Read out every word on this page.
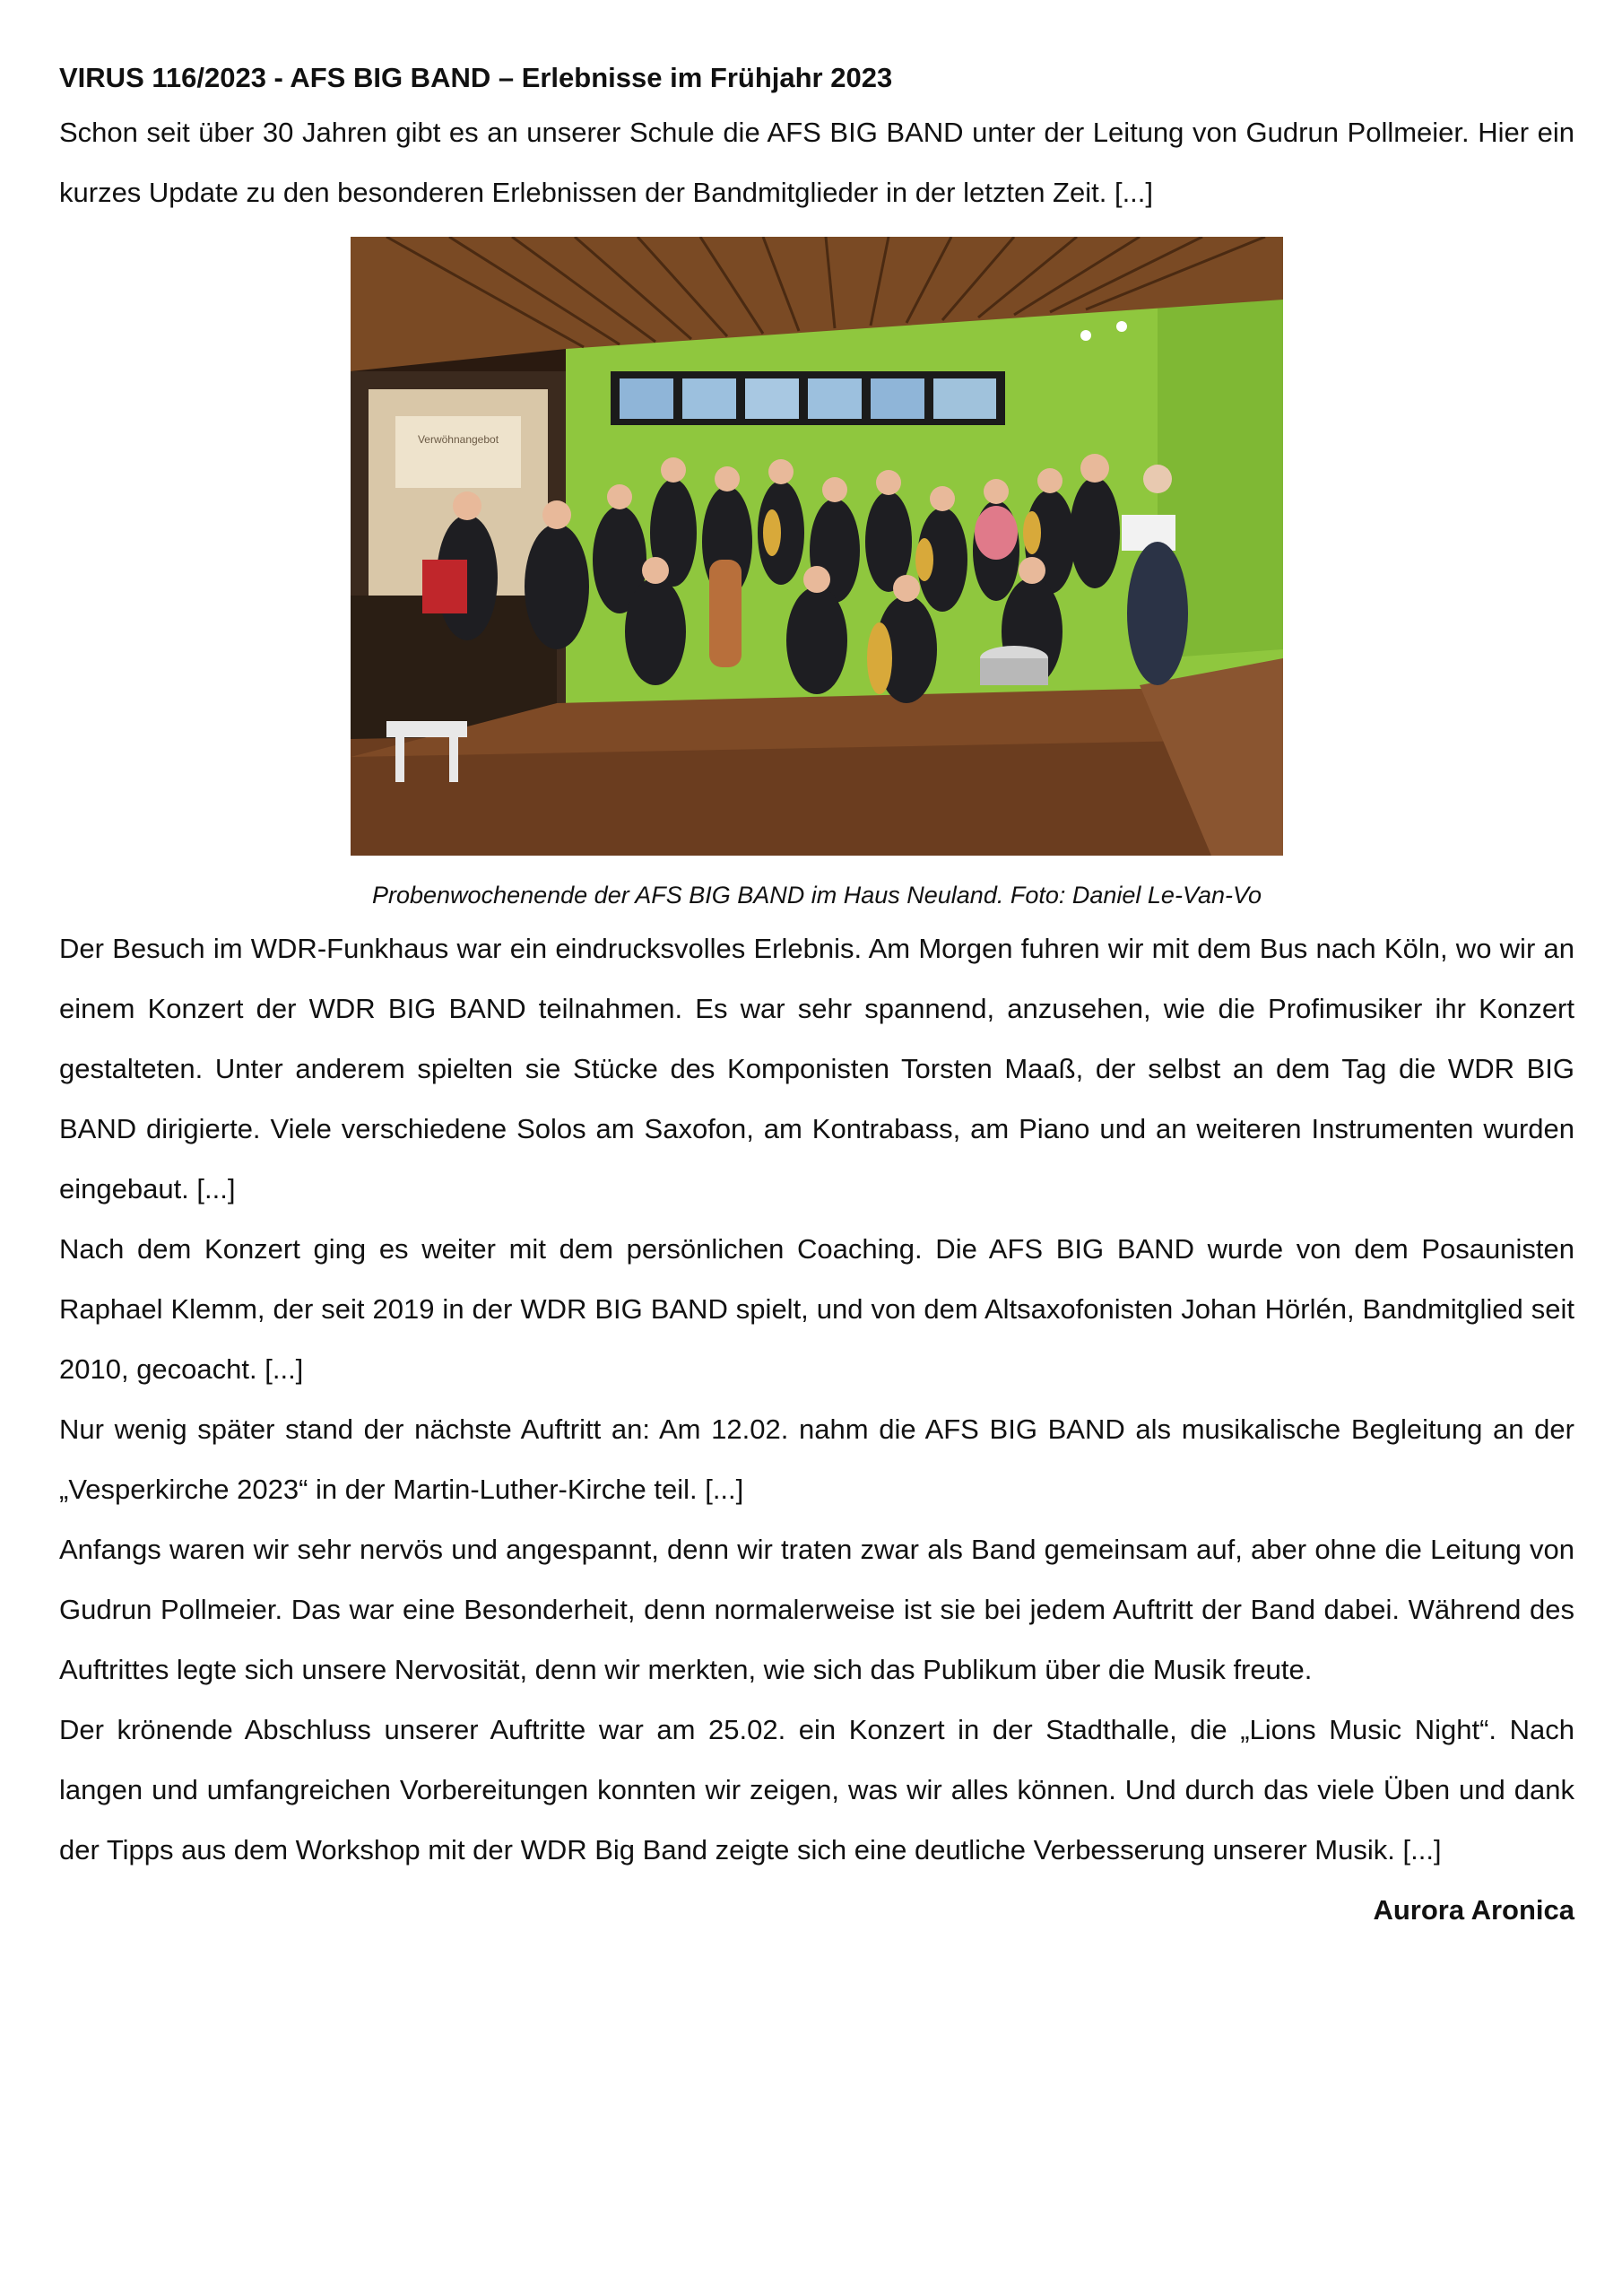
VIRUS 116/2023 - AFS BIG BAND – Erlebnisse im Frühjahr 2023

Schon seit über 30 Jahren gibt es an unserer Schule die AFS BIG BAND unter der Leitung von Gudrun Pollmeier. Hier ein kurzes Update zu den besonderen Erlebnissen der Bandmitglieder in der letzten Zeit. [...]

Verwöhnangebot
Probenwochenende der AFS BIG BAND im Haus Neuland. Foto: Daniel Le-Van-Vo

Der Besuch im WDR-Funkhaus war ein eindrucksvolles Erlebnis. Am Morgen fuhren wir mit dem Bus nach Köln, wo wir an einem Konzert der WDR BIG BAND teilnahmen. Es war sehr spannend, anzusehen, wie die Profimusiker ihr Konzert gestalteten. Unter anderem spielten sie Stücke des Komponisten Torsten Maaß, der selbst an dem Tag die WDR BIG BAND dirigierte. Viele verschiedene Solos am Saxofon, am Kontrabass, am Piano und an weiteren Instrumenten wurden eingebaut. [...]

Nach dem Konzert ging es weiter mit dem persönlichen Coaching. Die AFS BIG BAND wurde von dem Posaunisten Raphael Klemm, der seit 2019 in der WDR BIG BAND spielt, und von dem Altsaxofonisten Johan Hörlén, Bandmitglied seit 2010, gecoacht. [...]

Nur wenig später stand der nächste Auftritt an: Am 12.02. nahm die AFS BIG BAND als musikalische Begleitung an der „Vesperkirche 2023“ in der Martin-Luther-Kirche teil. [...]

Anfangs waren wir sehr nervös und angespannt, denn wir traten zwar als Band gemeinsam auf, aber ohne die Leitung von Gudrun Pollmeier. Das war eine Besonderheit, denn normalerweise ist sie bei jedem Auftritt der Band dabei. Während des Auftrittes legte sich unsere Nervosität, denn wir merkten, wie sich das Publikum über die Musik freute.

Der krönende Abschluss unserer Auftritte war am 25.02. ein Konzert in der Stadthalle, die „Lions Music Night“. Nach langen und umfangreichen Vorbereitungen konnten wir zeigen, was wir alles können. Und durch das viele Üben und dank der Tipps aus dem Workshop mit der WDR Big Band zeigte sich eine deutliche Verbesserung unserer Musik. [...]

Aurora Aronica
